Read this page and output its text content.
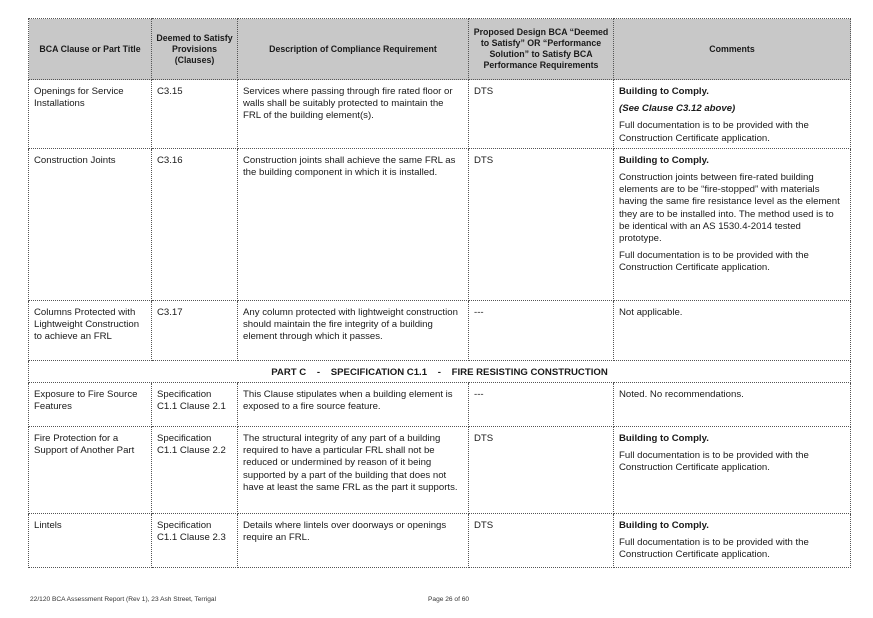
BCA Clause or Part Title	Deemed to Satisfy Provisions (Clauses)	Description of Compliance Requirement	Proposed Design BCA “Deemed to Satisfy” OR “Performance Solution” to Satisfy BCA Performance Requirements	Comments
Openings for Service Installations	C3.15	Services where passing through fire rated floor or walls shall be suitably protected to maintain the FRL of the building element(s).	DTS	Building to Comply.
(See Clause C3.12 above)
Full documentation is to be provided with the Construction Certificate application.

Construction Joints	C3.16	Construction joints shall achieve the same FRL as the building component in which it is installed.	DTS	Building to Comply.
Construction joints between fire-rated building elements are to be “fire-stopped” with materials having the same fire resistance level as the element they are to be installed into. The method used is to be identical with an AS 1530.4-2014 tested prototype.
Full documentation is to be provided with the Construction Certificate application.

Columns Protected with Lightweight Construction to achieve an FRL	C3.17	Any column protected with lightweight construction should maintain the fire integrity of a building element through which it passes.	---	Not applicable.

PART C - SPECIFICATION C1.1 - FIRE RESISTING CONSTRUCTION				
Exposure to Fire Source Features	Specification C1.1 Clause 2.1	This Clause stipulates when a building element is exposed to a fire source feature.	---	Noted. No recommendations.

Fire Protection for a Support of Another Part	Specification C1.1 Clause 2.2	The structural integrity of any part of a building required to have a particular FRL shall not be reduced or undermined by reason of it being supported by a part of the building that does not have at least the same FRL as the part it supports.	DTS	Building to Comply.
Full documentation is to be provided with the Construction Certificate application.

Lintels	Specification C1.1 Clause 2.3	Details where lintels over doorways or openings require an FRL.	DTS	Building to Comply.
Full documentation is to be provided with the Construction Certificate application.
22/120 BCA Assessment Report (Rev 1), 23 Ash Street, Terrigal	Page 26 of 60
